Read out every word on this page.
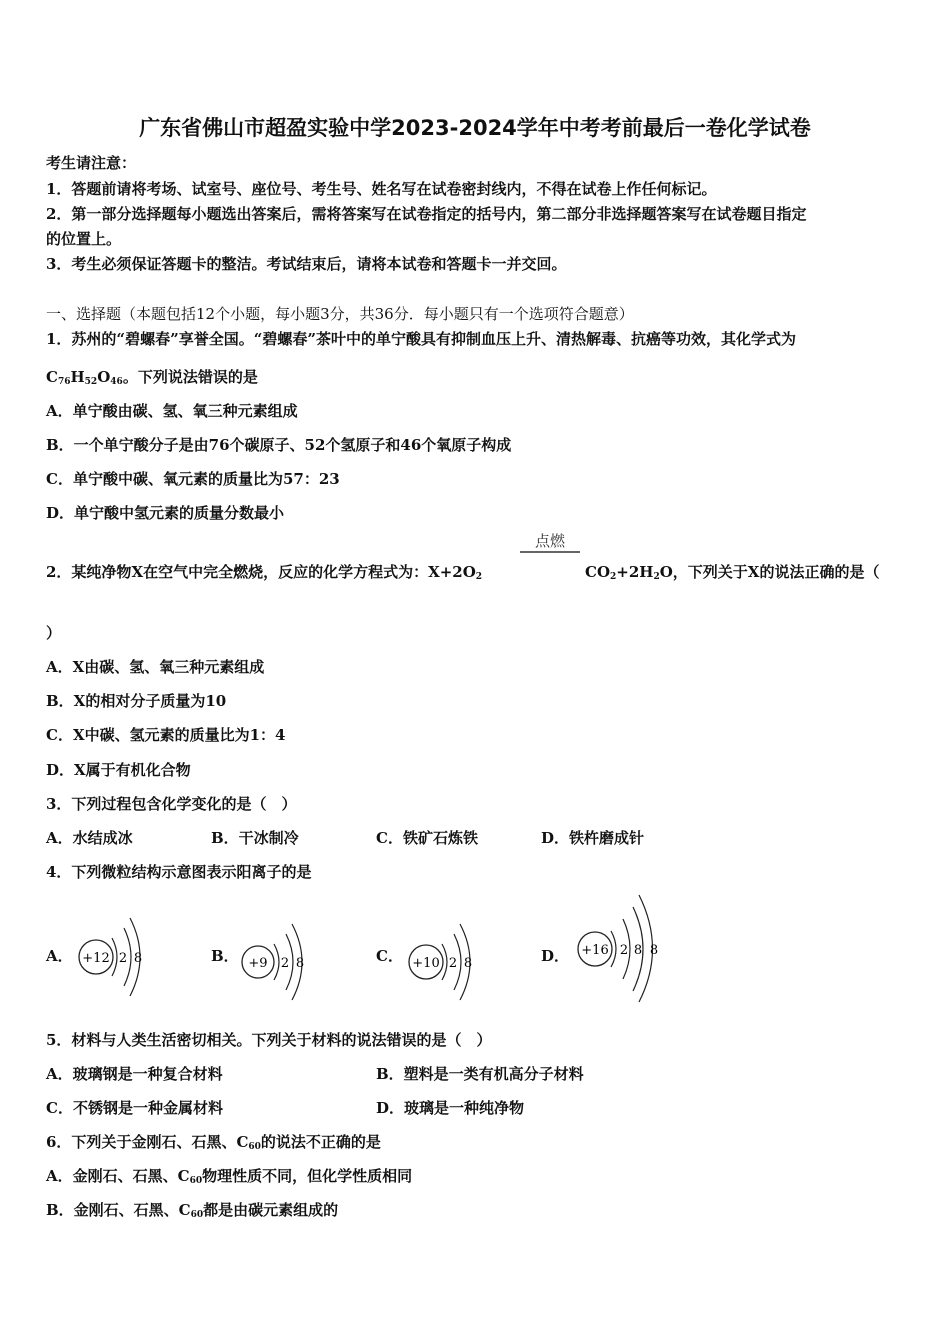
广东省佛山市超盈实验中学2023-2024学年中考考前最后一卷化学试卷
考生请注意：
1．答题前请将考场、试室号、座位号、考生号、姓名写在试卷密封线内，不得在试卷上作任何标记。
2．第一部分选择题每小题选出答案后，需将答案写在试卷指定的括号内，第二部分非选择题答案写在试卷题目指定
的位置上。
3．考生必须保证答题卡的整洁。考试结束后，请将本试卷和答题卡一并交回。
一、选择题（本题包括12个小题，每小题3分，共36分．每小题只有一个选项符合题意）
1．苏州的“碧螺春”享誉全国。“碧螺春”茶叶中的单宁酸具有抑制血压上升、清热解毒、抗癌等功效，其化学式为
$C_{76}H_{52}O_{46}$。下列说法错误的是
A．单宁酸由碳、氢、氧三种元素组成
B．一个单宁酸分子是由76个碳原子、52个氢原子和46个氧原子构成
C．单宁酸中碳、氧元素的质量比为57：23
D．单宁酸中氢元素的质量分数最小
点燃
2．某纯净物X在空气中完全燃烧，反应的化学方程式为：$X+2O_2$	$CO_2+2H_2O$，下列关于X的说法正确的是（
）
A．X由碳、氢、氧三种元素组成
B．X的相对分子质量为10
C．X中碳、氢元素的质量比为1：4
D．X属于有机化合物
3．下列过程包含化学变化的是（　）
A．水结成冰	B．干冰制冷	C．铁矿石炼铁	D．铁杵磨成针
4．下列微粒结构示意图表示阳离子的是
A． +12 2 8	B． +9 2 8	C． +10 2 8	D． +16 2 8 8
5．材料与人类生活密切相关。下列关于材料的说法错误的是（　）
A．玻璃钢是一种复合材料	B．塑料是一类有机高分子材料
C．不锈钢是一种金属材料	D．玻璃是一种纯净物
6．下列关于金刚石、石黑、$C_{60}$的说法不正确的是
A．金刚石、石黑、$C_{60}$物理性质不同，但化学性质相同
B．金刚石、石黑、$C_{60}$都是由碳元素组成的
